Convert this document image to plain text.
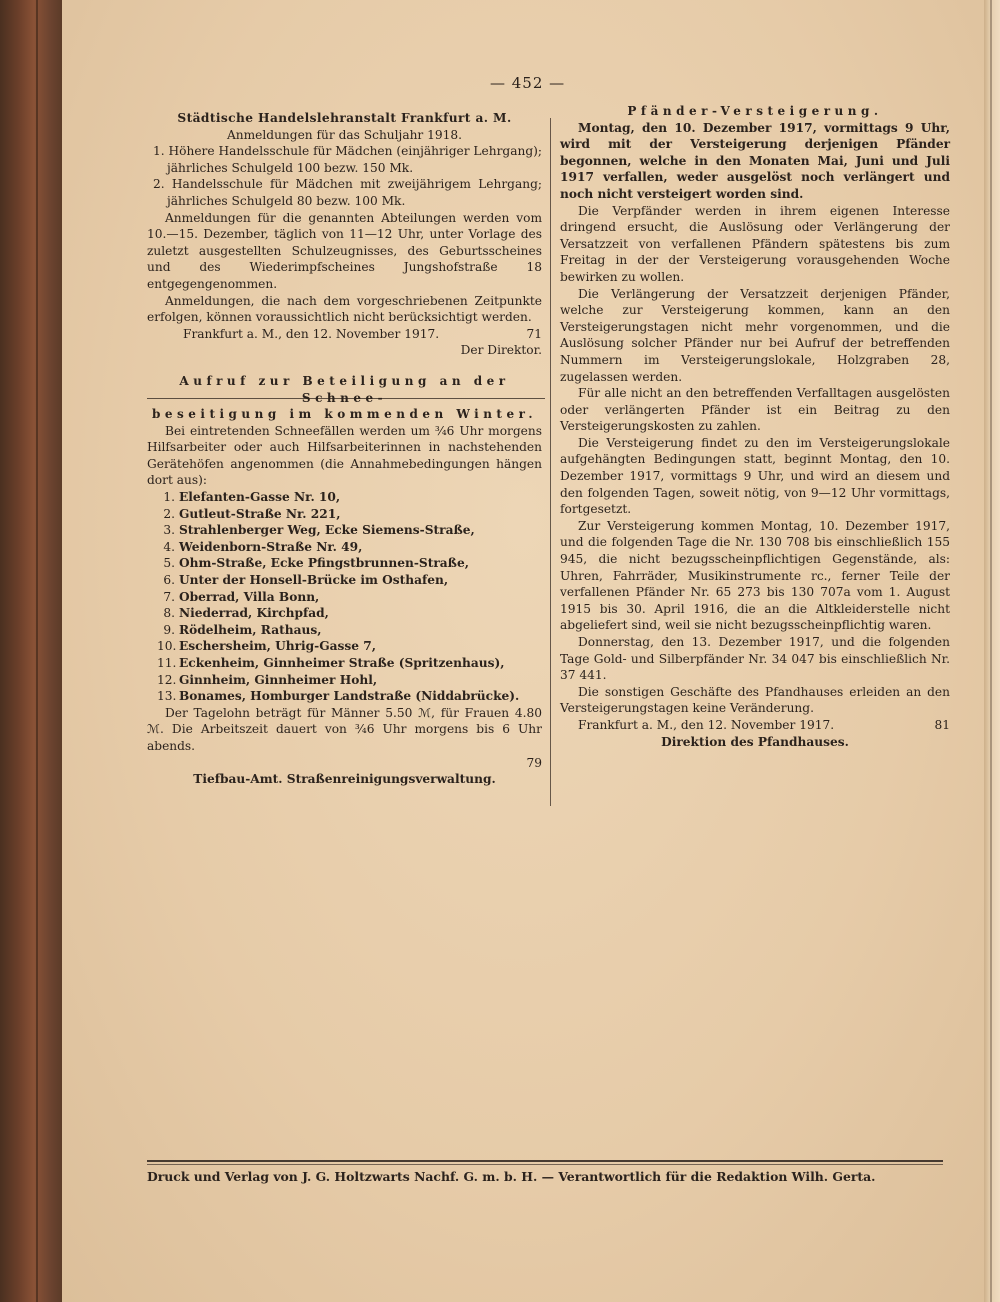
— 452 —
Städtische Handelslehranstalt Frankfurt a. M.
Anmeldungen für das Schuljahr 1918.
1. Höhere Handelsschule für Mädchen (einjähriger Lehrgang); jährliches Schulgeld 100 bezw. 150 Mk.
2. Handelsschule für Mädchen mit zweijährigem Lehrgang; jährliches Schulgeld 80 bezw. 100 Mk.
Anmeldungen für die genannten Abteilungen werden vom 10.—15. Dezember, täglich von 11—12 Uhr, unter Vorlage des zuletzt ausgestellten Schulzeugnisses, des Geburtsscheines und des Wiederimpfscheines Jungshofstraße 18 entgegengenommen.
Anmeldungen, die nach dem vorgeschriebenen Zeitpunkte erfolgen, können voraussichtlich nicht berücksichtigt werden.
Frankfurt a. M., den 12. November 1917.	71
Der Direktor.
Aufruf zur Beteiligung an der Schnee-
beseitigung im kommenden Winter.
Bei eintretenden Schneefällen werden um ¾6 Uhr morgens Hilfsarbeiter oder auch Hilfsarbeiterinnen in nachstehenden Gerätehöfen angenommen (die Annahmebedingungen hängen dort aus):
1. Elefanten-Gasse Nr. 10,
2. Gutleut-Straße Nr. 221,
3. Strahlenberger Weg, Ecke Siemens-Straße,
4. Weidenborn-Straße Nr. 49,
5. Ohm-Straße, Ecke Pfingstbrunnen-Straße,
6. Unter der Honsell-Brücke im Osthafen,
7. Oberrad, Villa Bonn,
8. Niederrad, Kirchpfad,
9. Rödelheim, Rathaus,
10. Eschersheim, Uhrig-Gasse 7,
11. Eckenheim, Ginnheimer Straße (Spritzenhaus),
12. Ginnheim, Ginnheimer Hohl,
13. Bonames, Homburger Landstraße (Niddabrücke).
Der Tagelohn beträgt für Männer 5.50 ℳ, für Frauen 4.80 ℳ. Die Arbeitszeit dauert von ¾6 Uhr morgens bis 6 Uhr abends.
79
Tiefbau-Amt. Straßenreinigungsverwaltung.
Pfänder-Versteigerung.
Montag, den 10. Dezember 1917, vormittags 9 Uhr, wird mit der Versteigerung derjenigen Pfänder begonnen, welche in den Monaten Mai, Juni und Juli 1917 verfallen, weder ausgelöst noch verlängert und noch nicht versteigert worden sind.
Die Verpfänder werden in ihrem eigenen Interesse dringend ersucht, die Auslösung oder Verlängerung der Versatzzeit von verfallenen Pfändern spätestens bis zum Freitag in der der Versteigerung vorausgehenden Woche bewirken zu wollen.
Die Verlängerung der Versatzzeit derjenigen Pfänder, welche zur Versteigerung kommen, kann an den Versteigerungstagen nicht mehr vorgenommen, und die Auslösung solcher Pfänder nur bei Aufruf der betreffenden Nummern im Versteigerungslokale, Holzgraben 28, zugelassen werden.
Für alle nicht an den betreffenden Verfalltagen ausgelösten oder verlängerten Pfänder ist ein Beitrag zu den Versteigerungskosten zu zahlen.
Die Versteigerung findet zu den im Versteigerungslokale aufgehängten Bedingungen statt, beginnt Montag, den 10. Dezember 1917, vormittags 9 Uhr, und wird an diesem und den folgenden Tagen, soweit nötig, von 9—12 Uhr vormittags, fortgesetzt.
Zur Versteigerung kommen Montag, 10. Dezember 1917, und die folgenden Tage die Nr. 130 708 bis einschließlich 155 945, die nicht bezugsscheinpflichtigen Gegenstände, als: Uhren, Fahrräder, Musikinstrumente rc., ferner Teile der verfallenen Pfänder Nr. 65 273 bis 130 707a vom 1. August 1915 bis 30. April 1916, die an die Altkleiderstelle nicht abgeliefert sind, weil sie nicht bezugsscheinpflichtig waren.
Donnerstag, den 13. Dezember 1917, und die folgenden Tage Gold- und Silberpfänder Nr. 34 047 bis einschließlich Nr. 37 441.
Die sonstigen Geschäfte des Pfandhauses erleiden an den Versteigerungstagen keine Veränderung.
Frankfurt a. M., den 12. November 1917.	81
Direktion des Pfandhauses.
Druck und Verlag von J. G. Holtzwarts Nachf. G. m. b. H. — Verantwortlich für die Redaktion Wilh. Gerta.
